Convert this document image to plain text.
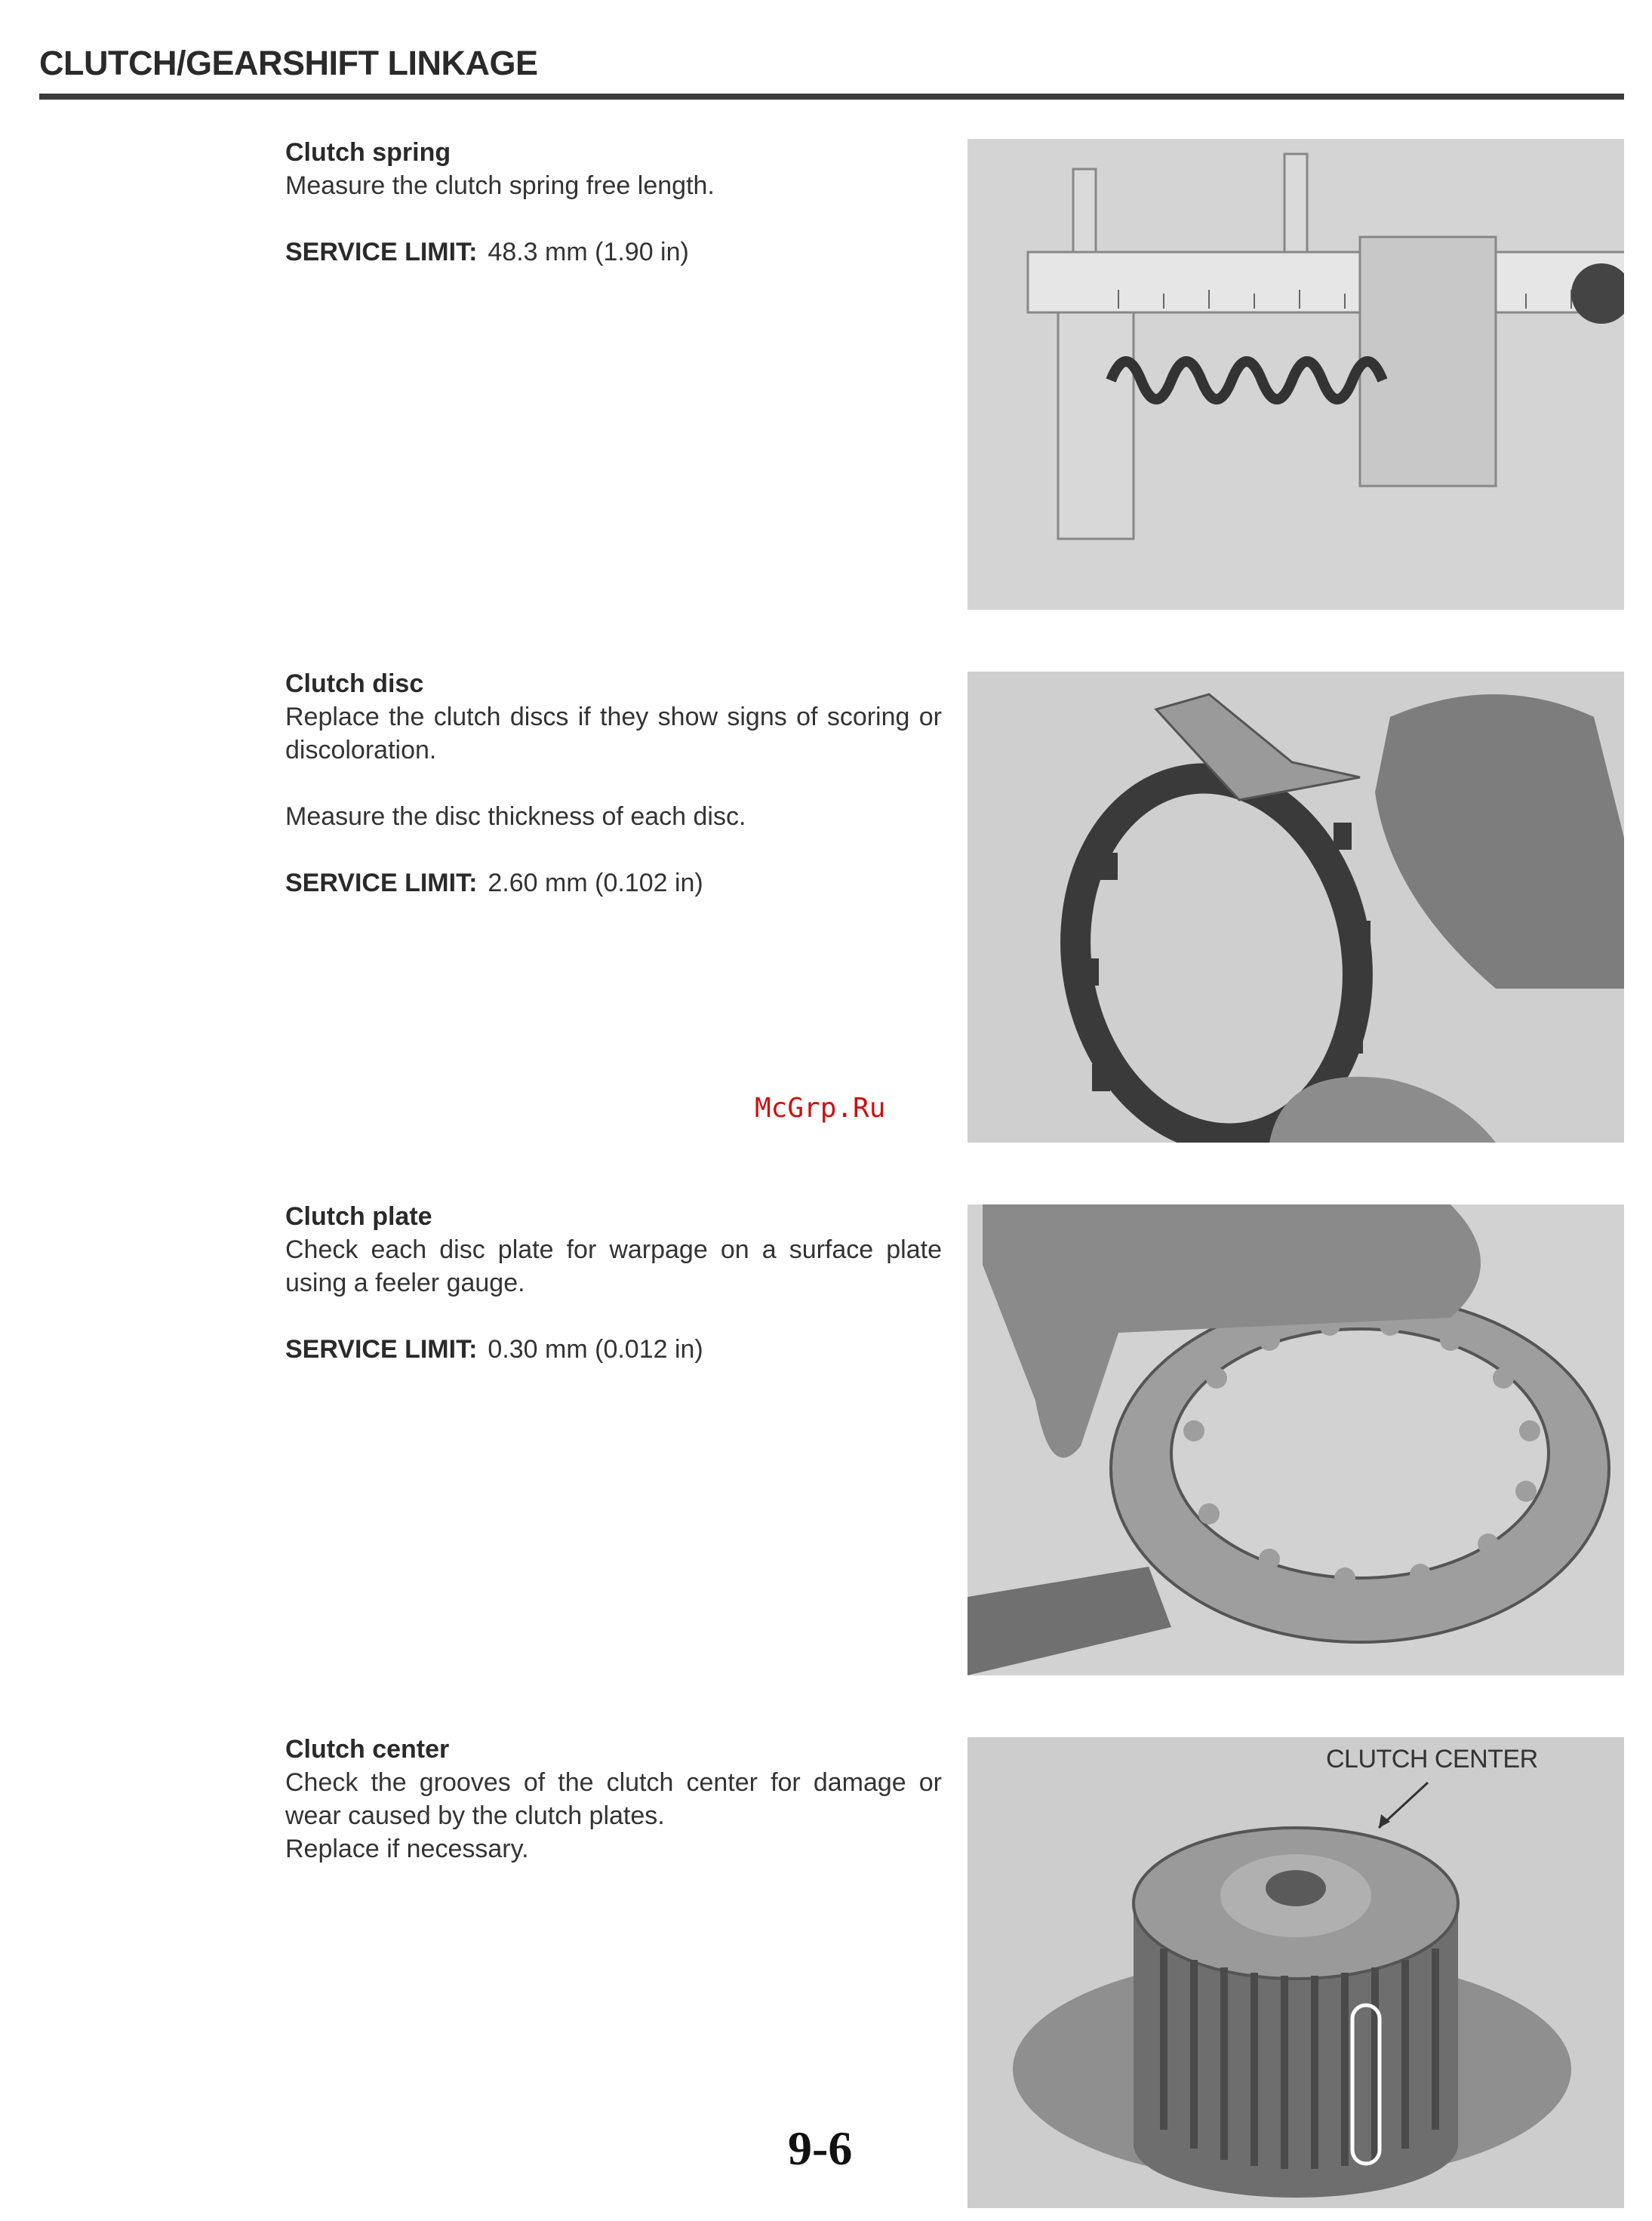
CLUTCH/GEARSHIFT LINKAGE
Clutch spring

Measure the clutch spring free length.

SERVICE LIMIT: 48.3 mm (1.90 in)
Clutch disc

Replace the clutch discs if they show signs of scoring or discoloration.

Measure the disc thickness of each disc.

SERVICE LIMIT: 2.60 mm (0.102 in)
Clutch plate

Check each disc plate for warpage on a surface plate using a feeler gauge.

SERVICE LIMIT: 0.30 mm (0.012 in)
Clutch center

Check the grooves of the clutch center for damage or wear caused by the clutch plates.

Replace if necessary.

CLUTCH CENTER
McGrp.Ru
9-6
